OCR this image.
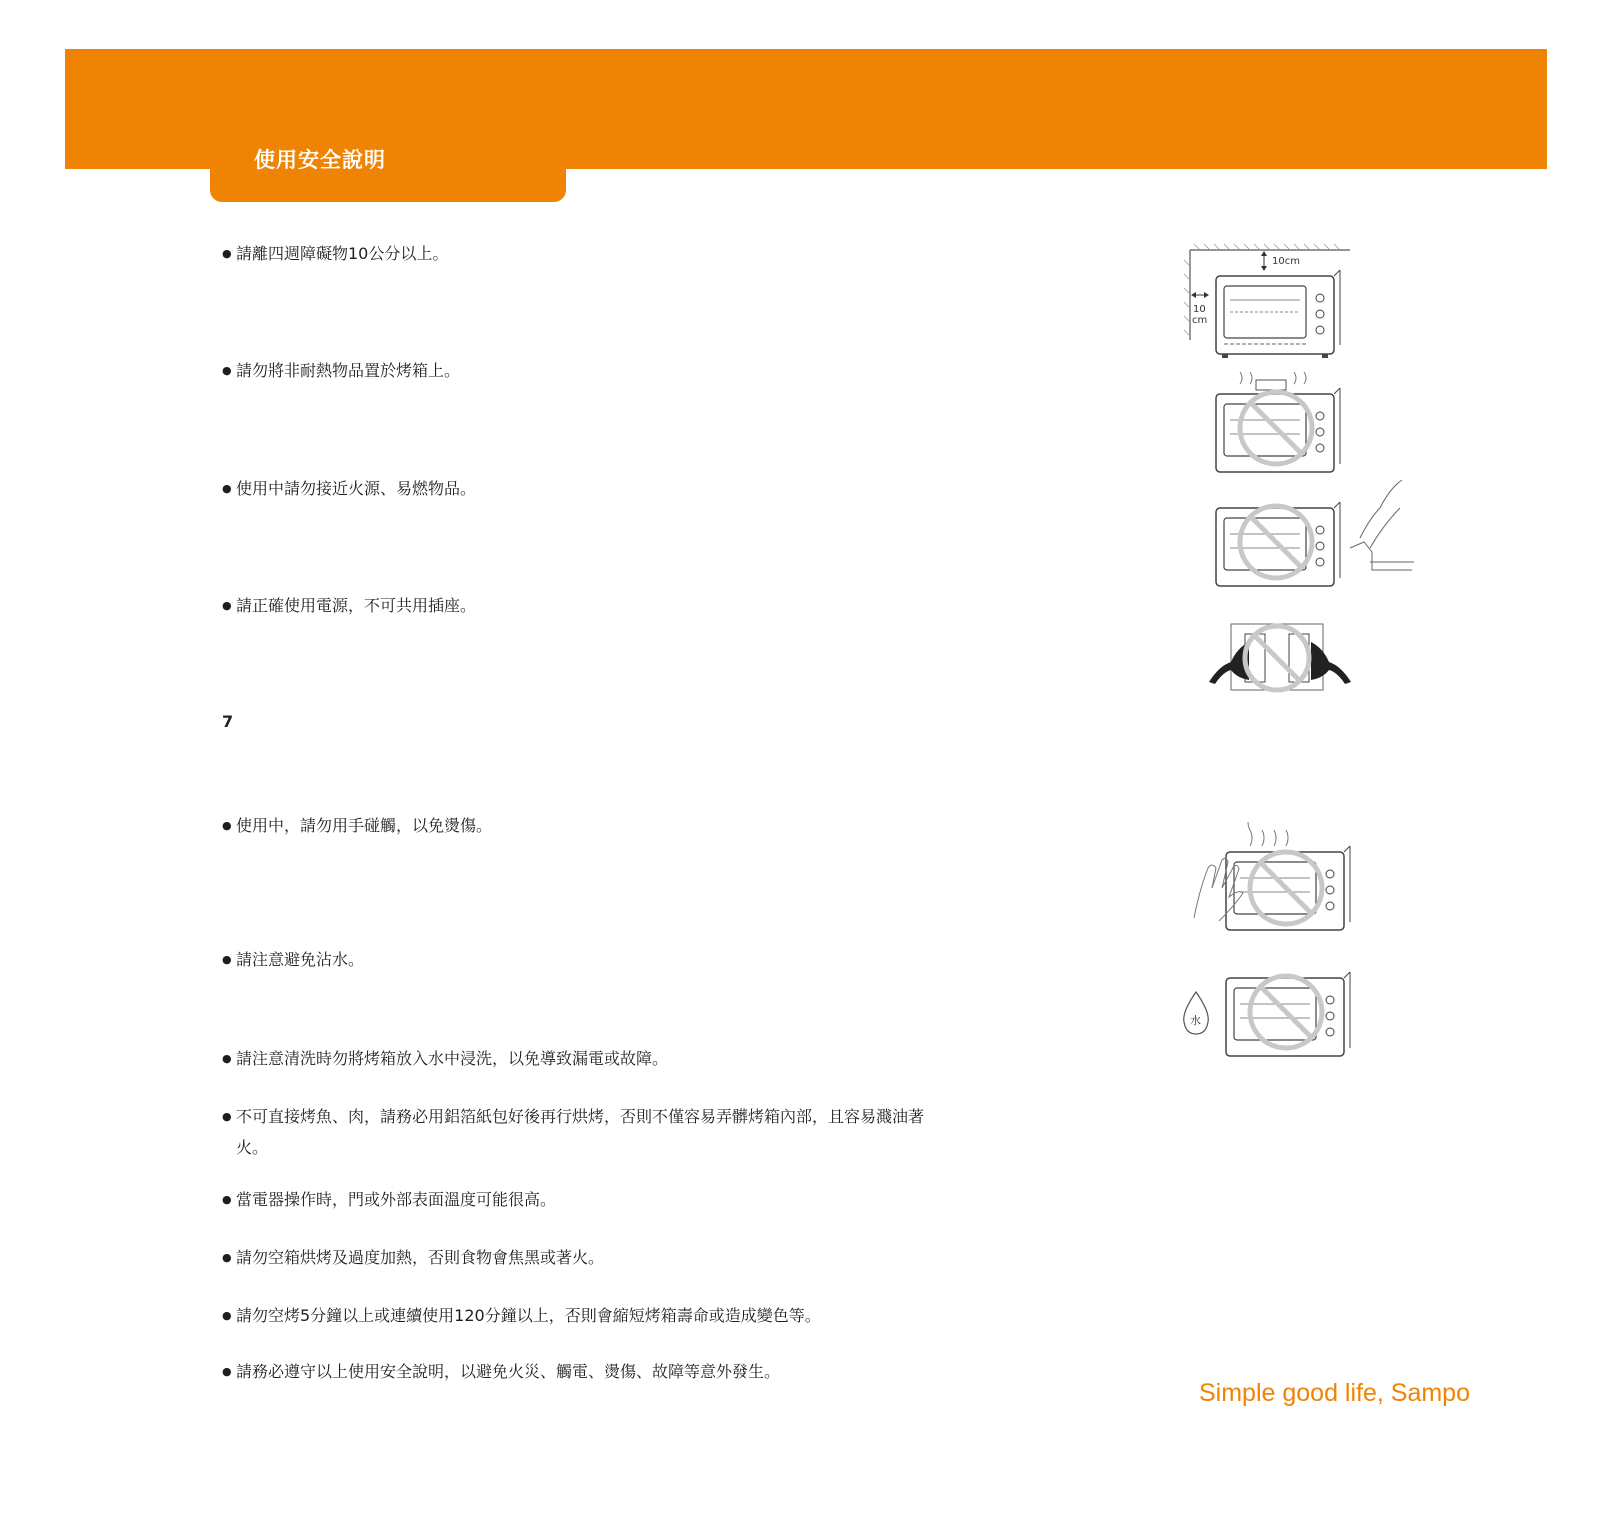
使用安全說明
● 請離四週障礙物10公分以上。
● 請勿將非耐熱物品置於烤箱上。
● 使用中請勿接近火源、易燃物品。
● 請正確使用電源，不可共用插座。
7
● 使用中，請勿用手碰觸，以免燙傷。
● 請注意避免沾水。
● 請注意清洗時勿將烤箱放入水中浸洗，以免導致漏電或故障。
● 不可直接烤魚、肉，請務必用鋁箔紙包好後再行烘烤，否則不僅容易弄髒烤箱內部，且容易濺油著
火。
● 當電器操作時，門或外部表面溫度可能很高。
● 請勿空箱烘烤及過度加熱，否則食物會焦黑或著火。
● 請勿空烤5分鐘以上或連續使用120分鐘以上，否則會縮短烤箱壽命或造成變色等。
● 請務必遵守以上使用安全說明，以避免火災、觸電、燙傷、故障等意外發生。
10cm
10
cm
水
Simple good life, Sampo
